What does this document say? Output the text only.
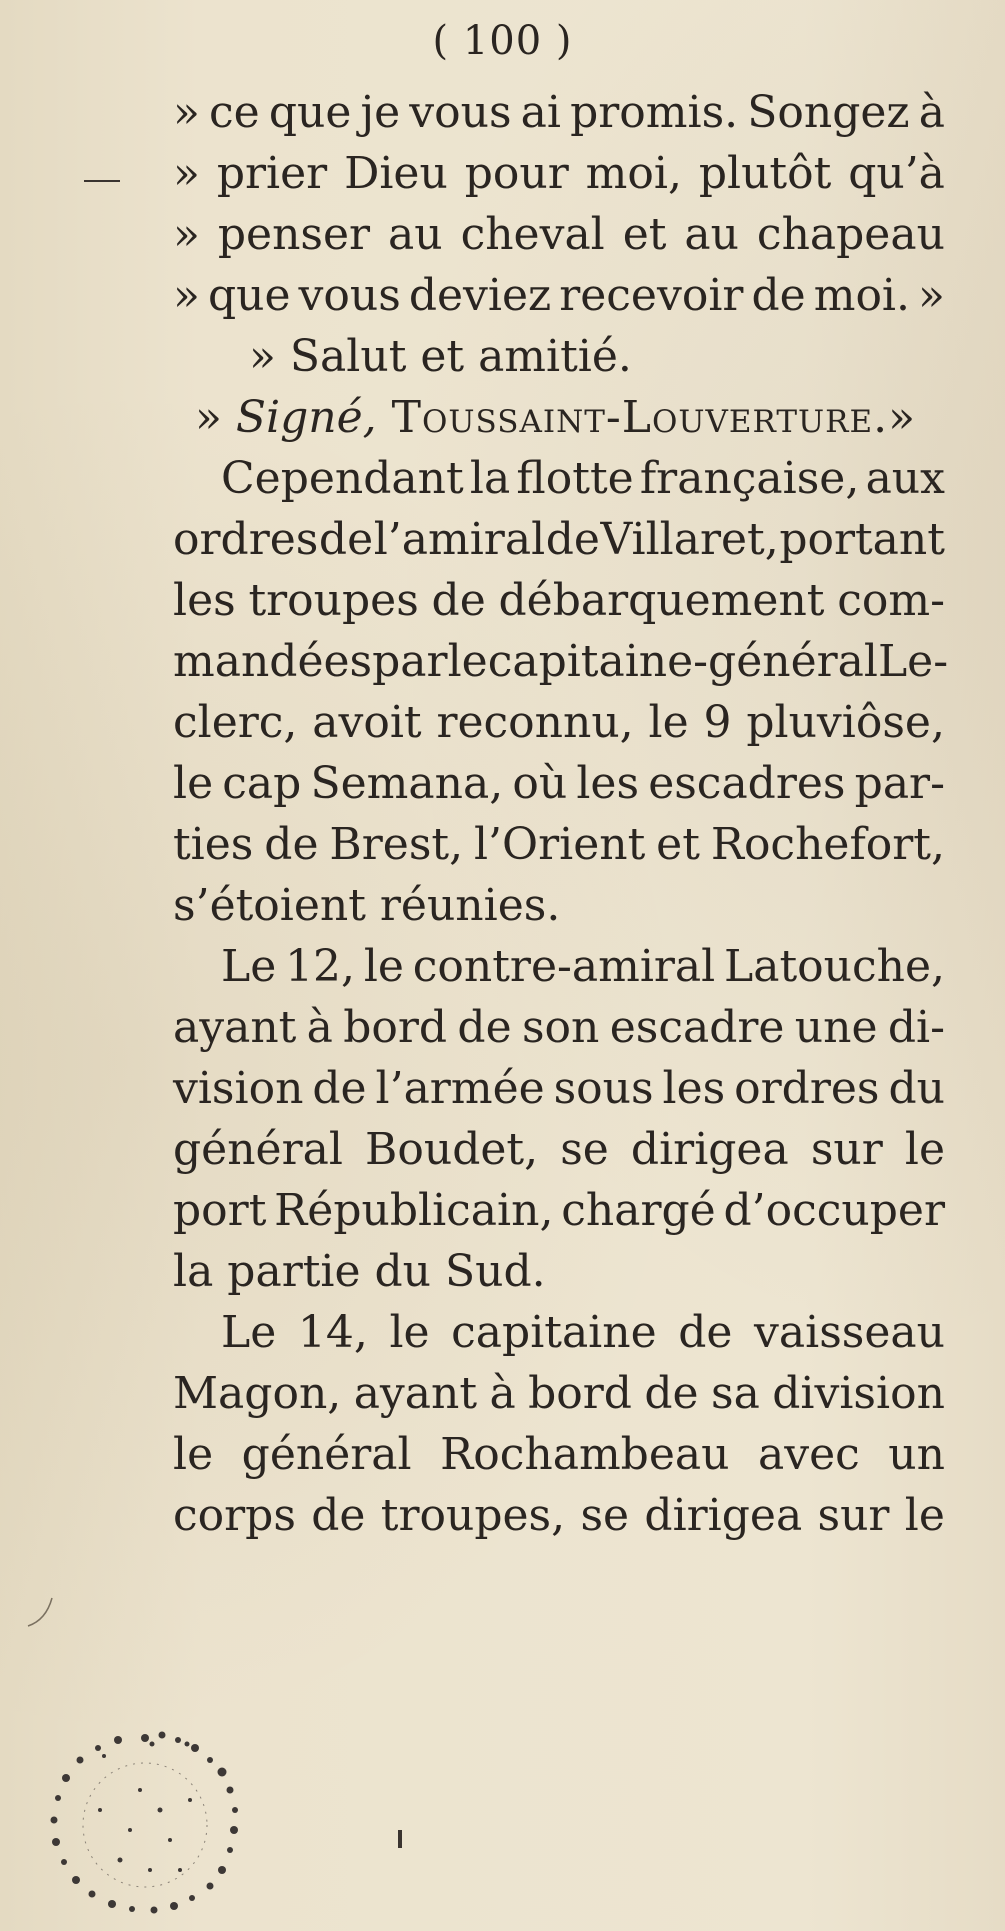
( 100 )
» ce que je vous ai promis. Songez à
» prier Dieu pour moi, plutôt qu’à
» penser au cheval et au chapeau
» que vous deviez recevoir de moi. »
» Salut et amitié.
» Signé, Toussaint-Louverture.»
Cependant la flotte française, aux
ordres de l’amiral de Villaret, portant
les troupes de débarquement com-
mandées par le capitaine-général Le-
clerc, avoit reconnu, le 9 pluviôse,
le cap Semana, où les escadres par-
ties de Brest, l’Orient et Rochefort,
s’étoient réunies.
Le 12, le contre-amiral Latouche,
ayant à bord de son escadre une di-
vision de l’armée sous les ordres du
général Boudet, se dirigea sur le
port Républicain, chargé d’occuper
la partie du Sud.
Le 14, le capitaine de vaisseau
Magon, ayant à bord de sa division
le général Rochambeau avec un
corps de troupes, se dirigea sur le
